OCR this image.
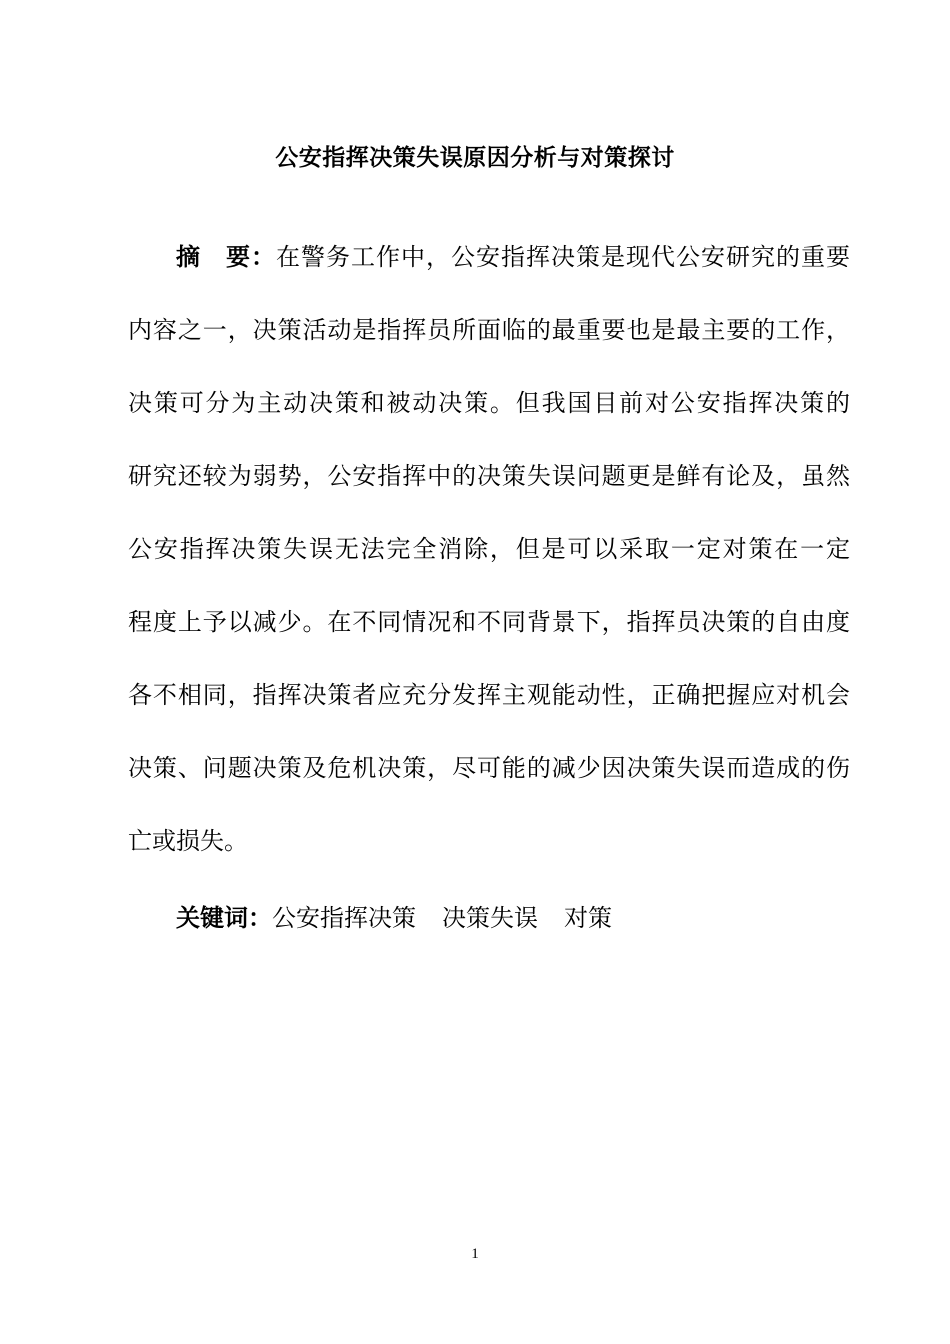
公安指挥决策失误原因分析与对策探讨
摘　要：在警务工作中，公安指挥决策是现代公安研究的重要
内容之一，决策活动是指挥员所面临的最重要也是最主要的工作，
决策可分为主动决策和被动决策。但我国目前对公安指挥决策的
研究还较为弱势，公安指挥中的决策失误问题更是鲜有论及，虽然
公安指挥决策失误无法完全消除，但是可以采取一定对策在一定
程度上予以减少。在不同情况和不同背景下，指挥员决策的自由度
各不相同，指挥决策者应充分发挥主观能动性，正确把握应对机会
决策、问题决策及危机决策，尽可能的减少因决策失误而造成的伤
亡或损失。
关键词：公安指挥决策 决策失误 对策
1
